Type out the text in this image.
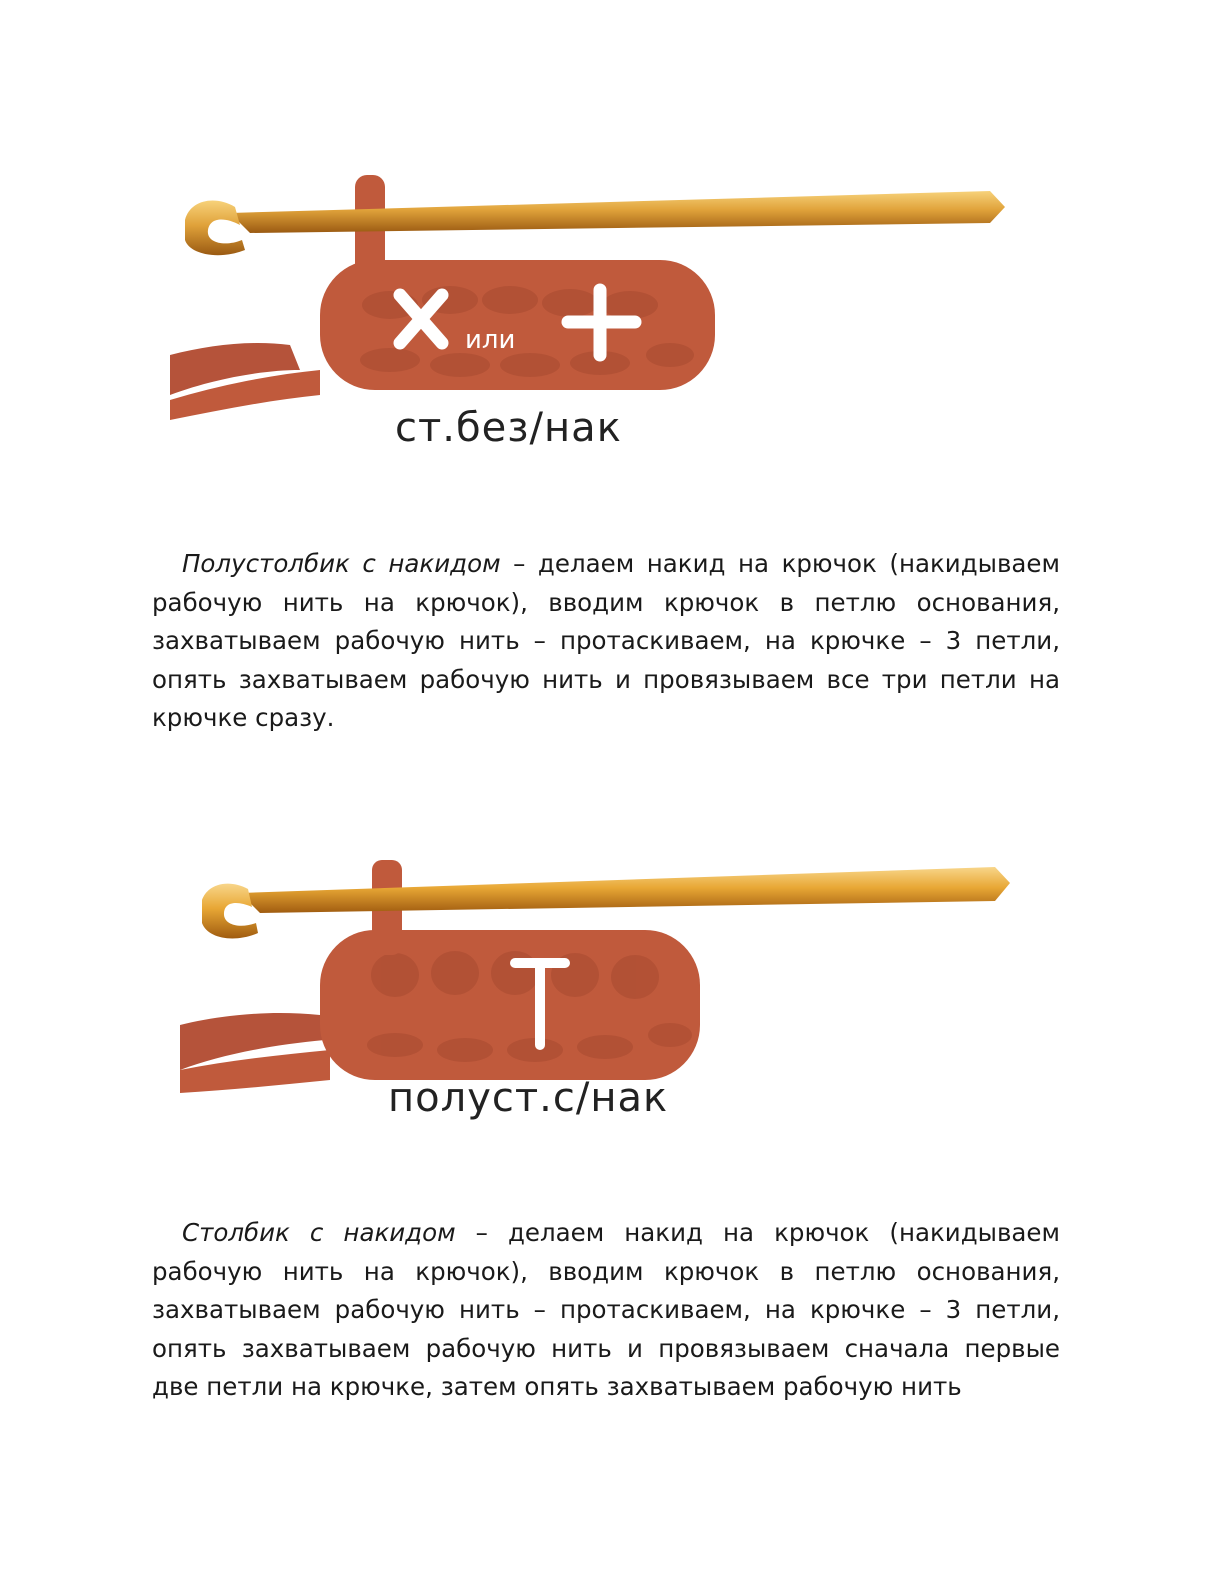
или
ст.без/нак

Полустолбик с накидом – делаем накид на крючок (накидываем рабочую нить на крючок), вводим крючок в петлю основания, захватываем рабочую нить – протаскиваем, на крючке – 3 петли, опять захватываем рабочую нить и провязываем все три петли на крючке сразу.

полуст.с/нак

Столбик с накидом – делаем накид на крючок (накидываем рабочую нить на крючок), вводим крючок в петлю основания, захватываем рабочую нить – протаскиваем, на крючке – 3 петли, опять захватываем рабочую нить и провязываем сначала первые две петли на крючке, затем опять захватываем рабочую нить
